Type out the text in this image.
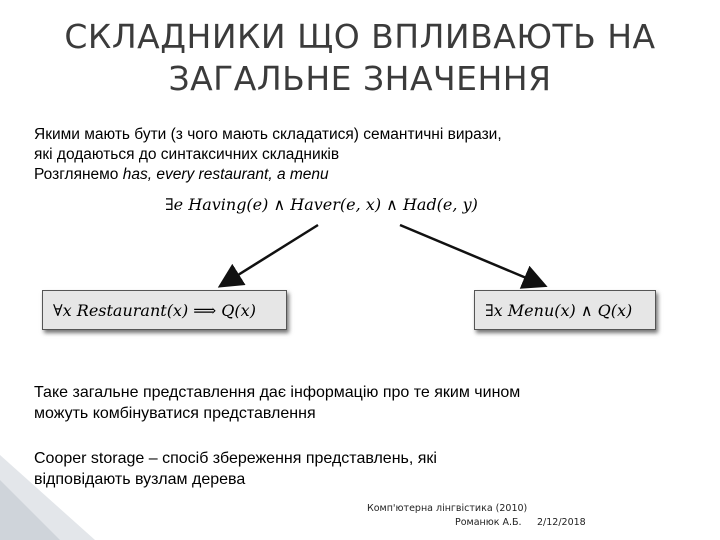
СКЛАДНИКИ ЩО ВПЛИВАЮТЬ НА
ЗАГАЛЬНЕ ЗНАЧЕННЯ
Якими мають бути (з чого мають складатися) семантичні вирази,
які додаються до синтаксичних складників
Розглянемо has, every restaurant, a menu
∃e Having(e) ∧ Haver(e, x) ∧ Had(e, y)
∀x Restaurant(x) ⟹ Q(x)	∃x Menu(x) ∧ Q(x)
Таке загальне представлення дає інформацію про те яким чином
можуть комбінуватися представлення
Cooper storage – спосіб збереження представлень, які
відповідають вузлам дерева
Комп'ютерна лінгвістика (2010)
Романюк А.Б. 2/12/2018
